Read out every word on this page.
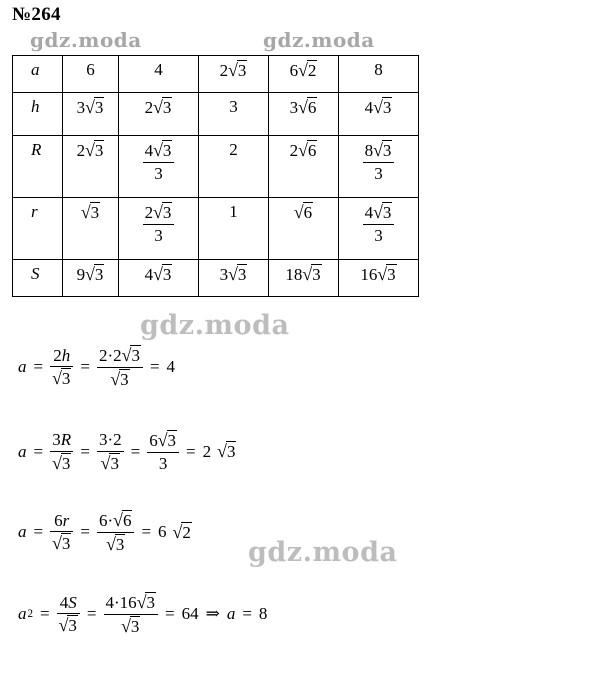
№264
gdz.moda	gdz.moda
a	6	4	2√3	6√2	8
h	3√3	2√3	3	3√6	4√3
R	2√3	$\frac{4√3}{3}$	2	2√6	$\frac{8√3}{3}$

r	√3	$\frac{2√3}{3}$	1	√6	$\frac{4√3}{3}$

S	9√3	4√3	3√3	18√3	16√3
gdz.moda
gdz.moda
$a = \frac{2h}{√3} = \frac{2\cdot 2√3}{√3} = 4$
$a = \frac{3R}{√3} = \frac{3\cdot 2}{√3} = \frac{6√3}{3} = 2$ √3
$a = \frac{6r}{√3} = \frac{6\cdot√6}{√3} = 6$ √2
a $2 = \frac{4S}{√3} = \frac{4\cdot 16√3}{√3} = 64$ ⇒ a = 8
